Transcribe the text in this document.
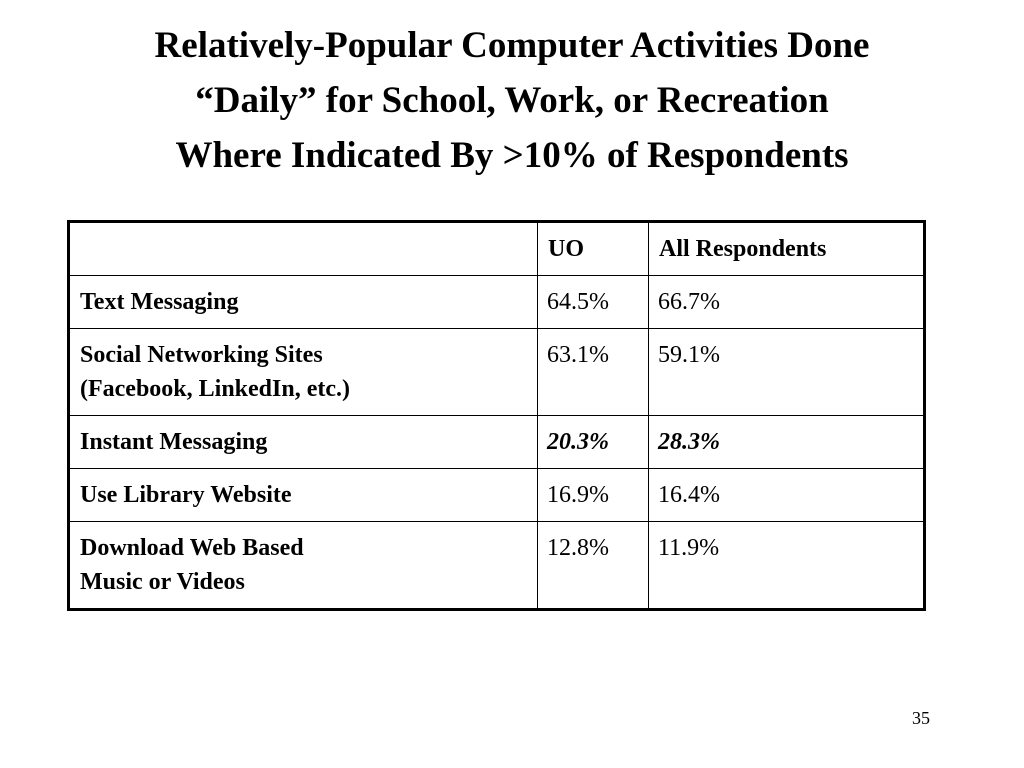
Relatively-Popular Computer Activities Done
“Daily” for School, Work, or Recreation
Where Indicated By >10% of Respondents
	UO	All Respondents

Text Messaging	64.5%	66.7%

Social Networking Sites
(Facebook, LinkedIn, etc.)	63.1%	59.1%

Instant Messaging	20.3%	28.3%

Use Library Website	16.9%	16.4%

Download Web Based
Music or Videos	12.8%	11.9%
35
